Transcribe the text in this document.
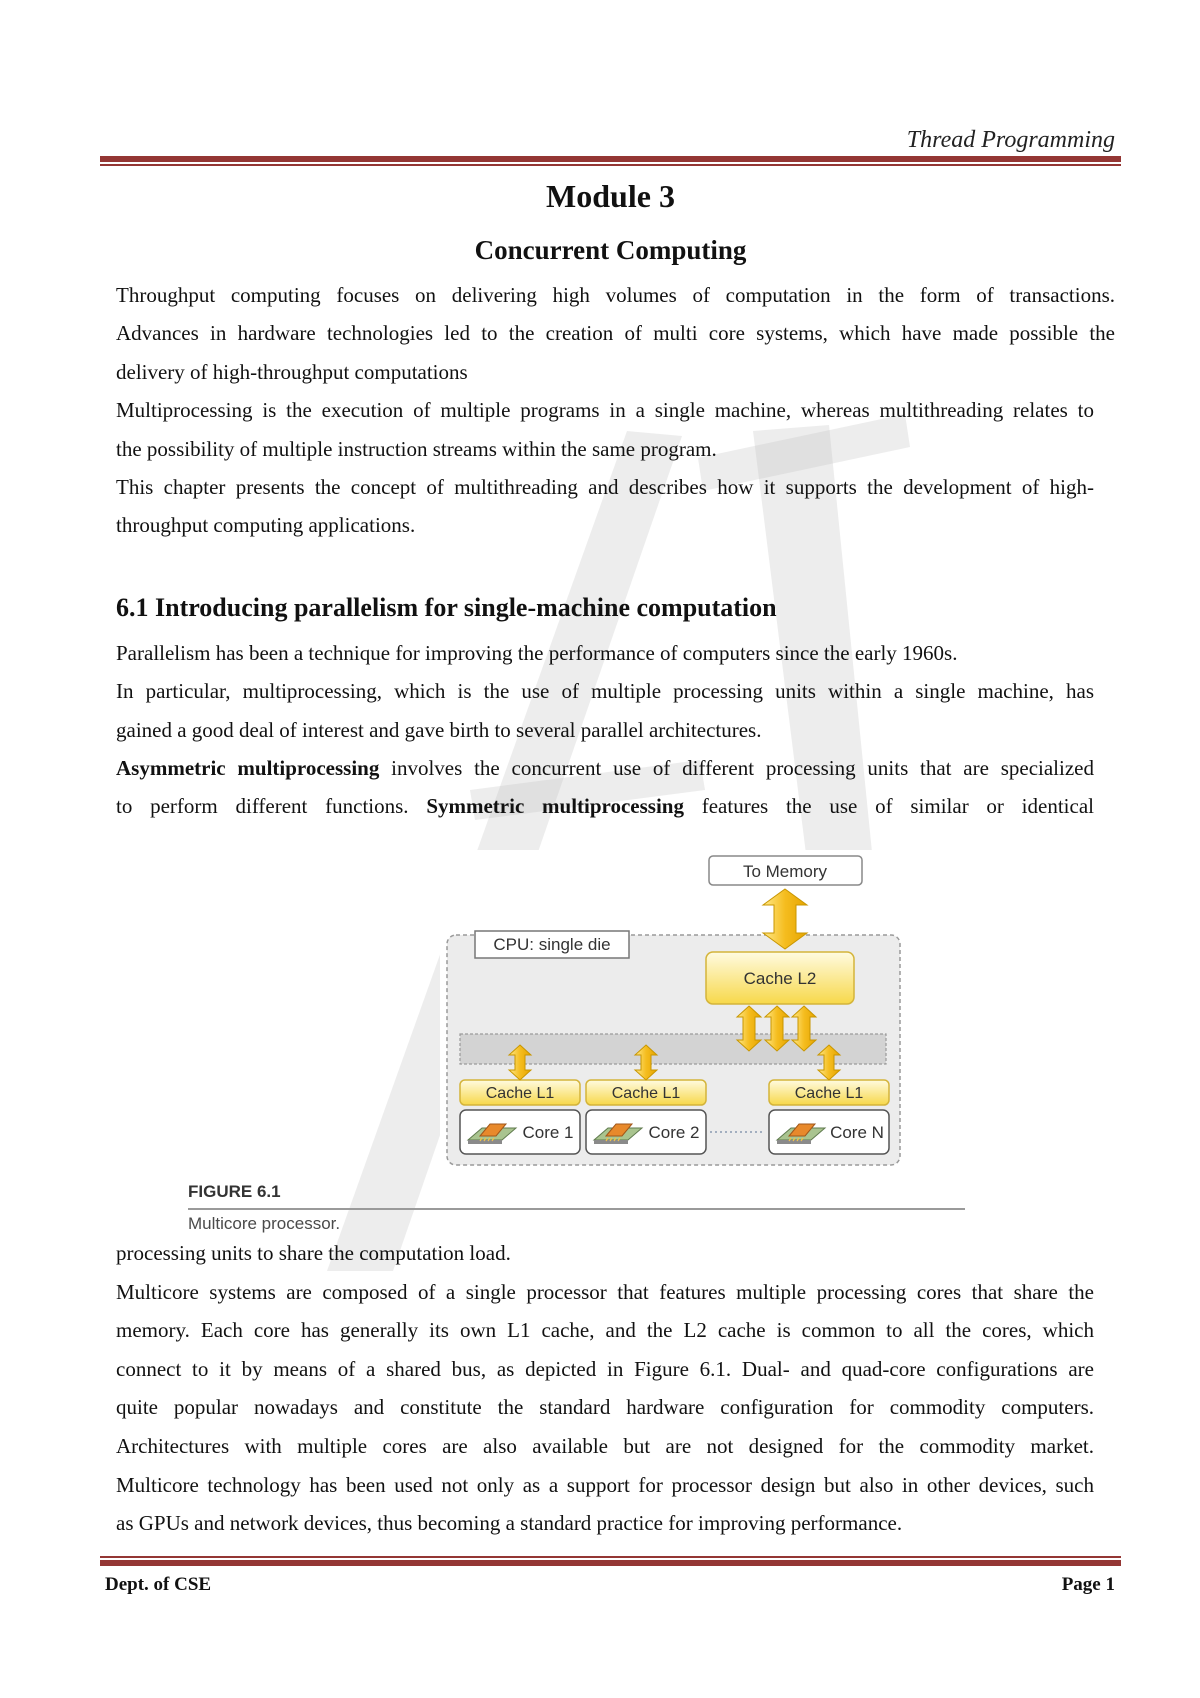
Thread Programming
Module 3
Concurrent Computing
Throughput computing focuses on delivering high volumes of computation in the form of transactions.
Advances in hardware technologies led to the creation of multi core systems, which have made possible the
delivery of high-throughput computations
Multiprocessing is the execution of multiple programs in a single machine, whereas multithreading relates to
the possibility of multiple instruction streams within the same program.
This chapter presents the concept of multithreading and describes how it supports the development of high-
throughput computing applications.
6.1 Introducing parallelism for single-machine computation
Parallelism has been a technique for improving the performance of computers since the early 1960s.
In particular, multiprocessing, which is the use of multiple processing units within a single machine, has
gained a good deal of interest and gave birth to several parallel architectures.
Asymmetric multiprocessing involves the concurrent use of different processing units that are specialized
to perform different functions. Symmetric multiprocessing features the use of similar or identical
CPU: single die
Cache L2
Cache L1	Cache L1	Cache L1
Core 1	Core 2	Core N
To Memory
FIGURE 6.1
Multicore processor.
processing units to share the computation load.
Multicore systems are composed of a single processor that features multiple processing cores that share the
memory. Each core has generally its own L1 cache, and the L2 cache is common to all the cores, which
connect to it by means of a shared bus, as depicted in Figure 6.1. Dual- and quad-core configurations are
quite popular nowadays and constitute the standard hardware configuration for commodity computers.
Architectures with multiple cores are also available but are not designed for the commodity market.
Multicore technology has been used not only as a support for processor design but also in other devices, such
as GPUs and network devices, thus becoming a standard practice for improving performance.
Dept. of CSE	Page 1
